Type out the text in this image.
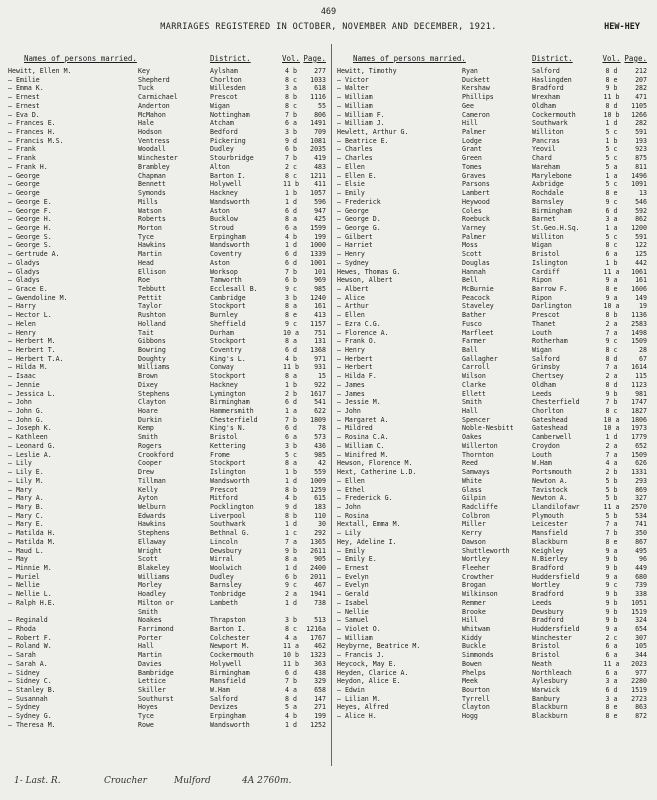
469
MARRIAGES REGISTERED IN OCTOBER, NOVEMBER AND DECEMBER, 1921.	HEW-HEY
Names of persons married.	District.	Vol. Page.
Hewitt, Ellen M.	Key	Aylsham	4 b	277
— Emilie	Shepherd	Chorlton	8 c	1033
— Emma K.	Tuck	Willesden	3 a	618
— Ernest	Carmichael	Prescot	8 b	1116
— Ernest	Anderton	Wigan	8 c	55
— Eva D.	McMahon	Nottingham	7 b	806
— Frances E.	Hale	Atcham	6 a	1491
— Frances H.	Hodson	Bedford	3 b	709
— Francis M.S.	Ventress	Pickering	9 d	1081
— Frank	Woodall	Dudley	6 b	2035
— Frank	Winchester	Stourbridge	7 b	419
— Frank H.	Brambley	Alton	2 c	483
— George	Chapman	Barton I.	8 c	1211
— George	Bennett	Holywell	11 b	411
— George	Symonds	Hackney	1 b	1057
— George E.	Mills	Wandsworth	1 d	596
— George F.	Watson	Aston	6 d	947
— George H.	Roberts	Bucklow	8 a	425
— George H.	Morton	Stroud	6 a	1599
— George S.	Tyce	Erpingham	4 b	199
— George S.	Hawkins	Wandsworth	1 d	1000
— Gertrude A.	Martin	Coventry	6 d	1339
— Gladys	Head	Aston	6 d	1001
— Gladys	Ellison	Worksop	7 b	101
— Gladys	Roe	Tamworth	6 b	969
— Grace E.	Tebbutt	Ecclesall B.	9 c	985
— Gwendoline M.	Pettit	Cambridge	3 b	1240
— Harry	Taylor	Stockport	8 a	161
— Hector L.	Rushton	Burnley	8 e	413
— Helen	Holland	Sheffield	9 c	1157
— Henry	Tait	Durham	10 a	751
— Herbert M.	Gibbons	Stockport	8 a	131
— Herbert T.	Bowring	Coventry	6 d	1368
— Herbert T.A.	Doughty	King's L.	4 b	971
— Hilda M.	Williams	Conway	11 b	931
— Isaac	Brown	Stockport	8 a	15
— Jennie	Dixey	Hackney	1 b	922
— Jessica L.	Stephens	Lymington	2 b	1617
— John	Clayton	Birmingham	6 d	541
— John G.	Hoare	Hammersmith	1 a	622
— John G.	Durkin	Chesterfield	7 b	1809
— Joseph K.	Kemp	King's N.	6 d	78
— Kathleen	Smith	Bristol	6 a	573
— Leonard G.	Rogers	Kettering	3 b	436
— Leslie A.	Crookford	Frome	5 c	985
— Lily	Cooper	Stockport	8 a	42
— Lily E.	Drew	Islington	1 b	559
— Lily M.	Tillman	Wandsworth	1 d	1009
— Mary	Kelly	Prescot	8 b	1259
— Mary A.	Ayton	Mitford	4 b	615
— Mary B.	Welburn	Pocklington	9 d	183
— Mary C.	Edwards	Liverpool	8 b	110
— Mary E.	Hawkins	Southwark	1 d	30
— Matilda H.	Stephens	Bethnal G.	1 c	292
— Matilda M.	Ellaway	Lincoln	7 a	1365
— Maud L.	Wright	Dewsbury	9 b	2611
— May	Scott	Wirral	8 a	905
— Minnie M.	Blakeley	Woolwich	1 d	2400
— Muriel	Williams	Dudley	6 b	2011
— Nellie	Morley	Barnsley	9 c	467
— Nellie L.	Hoadley	Tonbridge	2 a	1941
— Ralph H.E.	Milton or	Lambeth	1 d	738
Smith
— Reginald	Noakes	Thrapston	3 b	513
— Rhoda	Farrimond	Barton I.	8 c	1216a
— Robert F.	Porter	Colchester	4 a	1767
— Roland W.	Hall	Newport M.	11 a	462
— Sarah	Martin	Cockermouth	10 b	1323
— Sarah A.	Davies	Holywell	11 b	363
— Sidney	Bambridge	Birmingham	6 d	438
— Sidney C.	Lettice	Mansfield	7 b	329
— Stanley B.	Skiller	W.Ham	4 a	658
— Susannah	Southurst	Salford	8 d	147
— Sydney	Hoyes	Devizes	5 a	271
— Sydney G.	Tyce	Erpingham	4 b	199
— Theresa M.	Rowe	Wandsworth	1 d	1252
Names of persons married.	District.	Vol. Page.
Hewitt, Timothy	Ryan	Salford	8 d	212
— Victor	Duckett	Haslingden	8 e	207
— Walter	Kershaw	Bradford	9 b	282
— William	Phillips	Wrexham	11 b	471
— William	Gee	Oldham	8 d	1105
— William F.	Cameron	Cockermouth	10 b	1266
— William J.	Hill	Southwark	1 d	282
Hewlett, Arthur G.	Palmer	Williton	5 c	591
— Beatrice E.	Lodge	Pancras	1 b	193
— Charles	Grant	Yeovil	5 c	923
— Charles	Green	Chard	5 c	875
— Ellen	Tomes	Wareham	5 a	811
— Ellen E.	Graves	Marylebone	1 a	1496
— Elsie	Parsons	Axbridge	5 c	1091
— Emily	Lambert	Rochdale	8 e	13
— Frederick	Heywood	Barnsley	9 c	546
— George	Coles	Birmingham	6 d	592
— George D.	Roebuck	Barnet	3 a	862
— George G.	Varney	St.Geo.H.Sq.	1 a	1200
— Gilbert	Palmer	Williton	5 c	591
— Harriet	Moss	Wigan	8 c	122
— Henry	Scott	Bristol	6 a	125
— Sydney	Douglas	Islington	1 b	442
Hewes, Thomas G.	Hannah	Cardiff	11 a	1061
Hewson, Albert	Bell	Ripon	9 a	161
— Albert	McBurnie	Barrow F.	8 e	1606
— Alice	Peacock	Ripon	9 a	149
— Arthur	Staveley	Darlington	10 a	19
— Ellen	Bather	Prescot	8 b	1136
— Ezra C.G.	Fusco	Thanet	2 a	2583
— Florence A.	Marfleet	Louth	7 a	1498
— Frank O.	Farmer	Rotherham	9 c	1509
— Henry	Ball	Wigan	8 c	28
— Herbert	Gallagher	Salford	8 d	67
— Herbert	Carroll	Grimsby	7 a	1614
— Hilda F.	Wilson	Chertsey	2 a	115
— James	Clarke	Oldham	8 d	1123
— James	Ellett	Leeds	9 b	981
— Jessie M.	Smith	Chesterfield	7 b	1747
— John	Hall	Chorlton	8 c	1827
— Margaret A.	Spencer	Gateshead	10 a	1806
— Mildred	Noble-Nesbitt	Gateshead	10 a	1973
— Rosina C.A.	Oakes	Camberwell	1 d	1779
— William C.	Willerton	Croydon	2 a	652
— Winifred M.	Thornton	Louth	7 a	1509
Hewson, Florence M.	Reed	W.Ham	4 a	626
Hext, Catherine L.D.	Samways	Portsmouth	2 b	1331
— Ellen	White	Newton A.	5 b	293
— Ethel	Glass	Tavistock	5 b	869
— Frederick G.	Gilpin	Newton A.	5 b	327
— John	Radcliffe	Llandilofawr	11 a	2570
— Rosina	Colbron	Plymouth	5 b	534
Hextall, Emma M.	Miller	Leicester	7 a	741
— Lily	Kerry	Mansfield	7 b	350
Hey, Adeline I.	Dawson	Blackburn	8 e	867
— Emily	Shuttleworth	Keighley	9 a	495
— Emily E.	Wortley	N.Bierley	9 b	96
— Ernest	Fleeher	Bradford	9 b	449
— Evelyn	Crowther	Huddersfield	9 a	680
— Evelyn	Brogan	Wortley	9 c	739
— Gerald	Wilkinson	Bradford	9 b	338
— Isabel	Remmer	Leeds	9 b	1051
— Nellie	Brooke	Dewsbury	9 b	1519
— Samuel	Hill	Bradford	9 b	324
— Violet O.	Whitwam	Huddersfield	9 a	654
— William	Kiddy	Winchester	2 c	307
Heybyrne, Beatrice M.	Buckle	Bristol	6 a	105
— Francis J.	Simmonds	Bristol	6 a	344
Heycock, May E.	Bowen	Neath	11 a	2023
Heyden, Clarice A.	Phelps	Northleach	6 a	977
Heydon, Alice E.	Meek	Aylesbury	3 a	2280
— Edwin	Bourton	Warwick	6 d	1519
— Lilian M.	Tyrrell	Banbury	3 a	2723
Heyes, Alfred	Clayton	Blackburn	8 e	863
— Alice H.	Hogg	Blackburn	8 e	872
1- Last. R.	Croucher	Mulford	4A 2760m.
